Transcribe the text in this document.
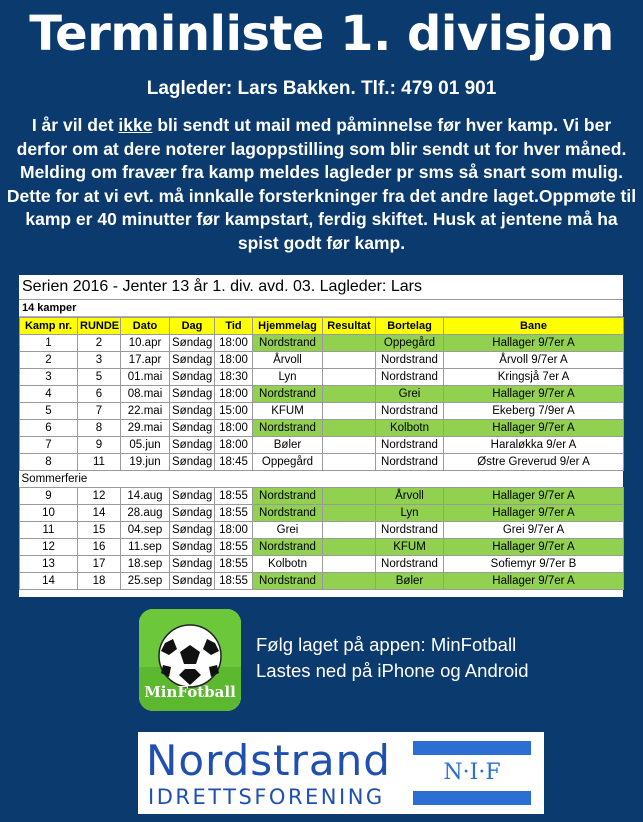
Terminliste 1. divisjon
Lagleder: Lars Bakken. Tlf.: 479 01 901
I år vil det ikke bli sendt ut mail med påminnelse før hver kamp. Vi ber derfor om at dere noterer lagoppstilling som blir sendt ut for hver måned. Melding om fravær fra kamp meldes lagleder pr sms så snart som mulig. Dette for at vi evt. må innkalle forsterkninger fra det andre laget.Oppmøte til kamp er 40 minutter før kampstart, ferdig skiftet. Husk at jentene må ha spist godt før kamp.
Serien 2016 - Jenter 13 år 1. div. avd. 03. Lagleder: Lars
14 kamper
Kamp nr.	RUNDE	Dato	Dag	Tid	Hjemmelag	Resultat	Bortelag	Bane
1	2	10.apr	Søndag	18:00	Nordstrand		Oppegård	Hallager 9/7er A
2	3	17.apr	Søndag	18:00	Årvoll		Nordstrand	Årvoll 9/7er A
3	5	01.mai	Søndag	18:30	Lyn		Nordstrand	Kringsjå 7er A
4	6	08.mai	Søndag	18:00	Nordstrand		Grei	Hallager 9/7er A
5	7	22.mai	Søndag	15:00	KFUM		Nordstrand	Ekeberg 7/9er A
6	8	29.mai	Søndag	18:00	Nordstrand		Kolbotn	Hallager 9/7er A
7	9	05.jun	Søndag	18:00	Bøler		Nordstrand	Haraløkka 9/er A
8	11	19.jun	Søndag	18:45	Oppegård		Nordstrand	Østre Greverud 9/er A
Sommerferie								
9	12	14.aug	Søndag	18:55	Nordstrand		Årvoll	Hallager 9/7er A
10	14	28.aug	Søndag	18:55	Nordstrand		Lyn	Hallager 9/7er A
11	15	04.sep	Søndag	18:00	Grei		Nordstrand	Grei 9/7er A
12	16	11.sep	Søndag	18:55	Nordstrand		KFUM	Hallager 9/7er A
13	17	18.sep	Søndag	18:55	Kolbotn		Nordstrand	Sofiemyr 9/7er B
14	18	25.sep	Søndag	18:55	Nordstrand		Bøler	Hallager 9/7er A
MinFotball
Følg laget på appen: MinFotball
Lastes ned på iPhone og Android
Nordstrand
IDRETTSFORENING
N·I·F
